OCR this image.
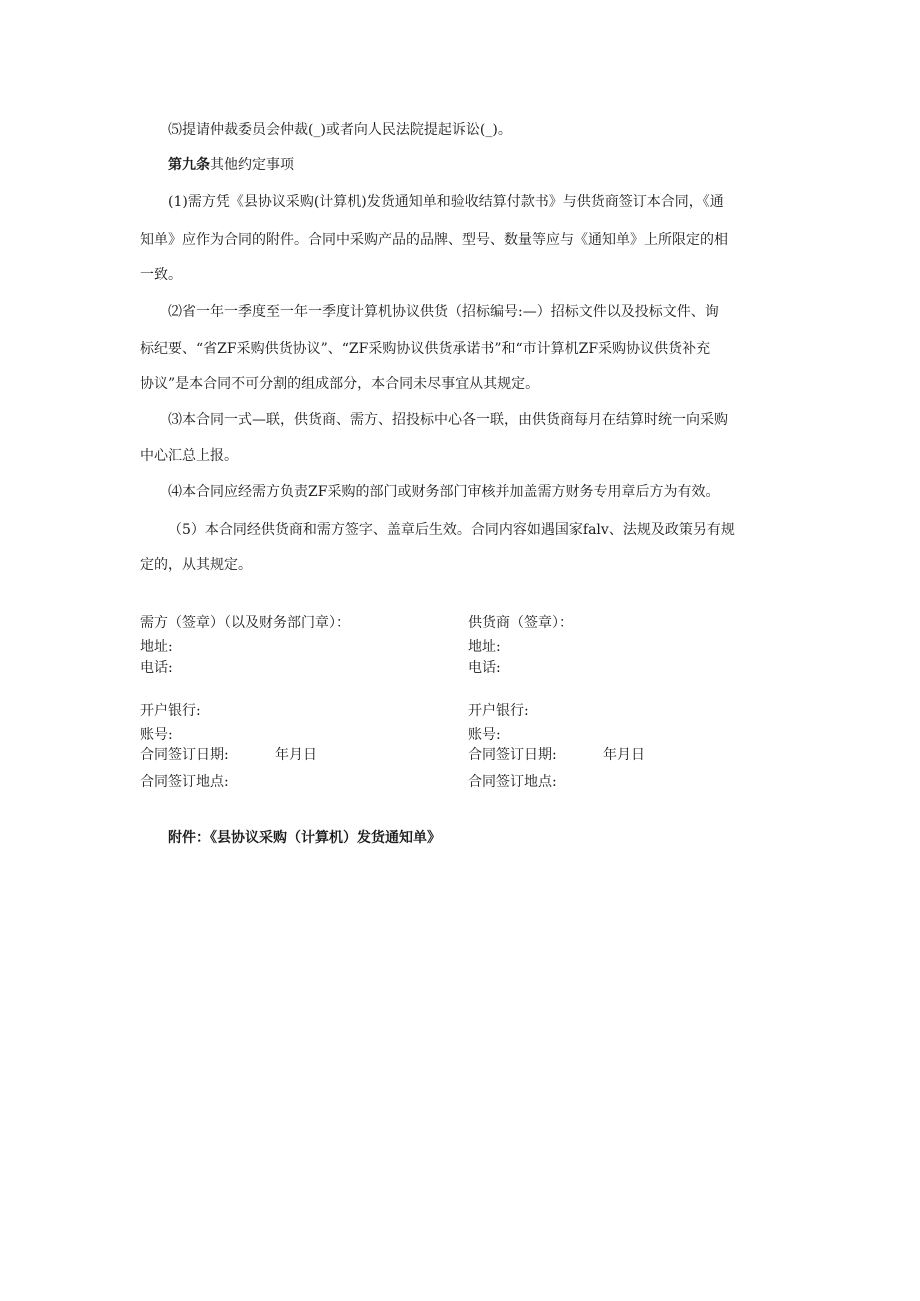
⑸提请仲裁委员会仲裁(_)或者向人民法院提起诉讼(_)。
第九条其他约定事项
(1)需方凭《县协议采购(计算机)发货通知单和验收结算付款书》与供货商签订本合同，《通
知单》应作为合同的附件。合同中采购产品的品牌、型号、数量等应与《通知单》上所限定的相
一致。
⑵省一年一季度至一年一季度计算机协议供货（招标编号:—）招标文件以及投标文件、询
标纪要、“省ZF采购供货协议”、“ZF采购协议供货承诺书”和“市计算机ZF采购协议供货补充
协议”是本合同不可分割的组成部分，本合同未尽事宜从其规定。
⑶本合同一式—联，供货商、需方、招投标中心各一联，由供货商每月在结算时统一向采购
中心汇总上报。
⑷本合同应经需方负责ZF采购的部门或财务部门审核并加盖需方财务专用章后方为有效。
（5）本合同经供货商和需方签字、盖章后生效。合同内容如遇国家falv、法规及政策另有规
定的，从其规定。
需方（签章）（以及财务部门章）：
地址:
电话:
开户银行:
账号:
合同签订日期:	年月日
合同签订地点:
供货商（签章）：
地址:
电话:
开户银行:
账号:
合同签订日期:	年月日
合同签订地点:
附件：《县协议采购（计算机）发货通知单》
